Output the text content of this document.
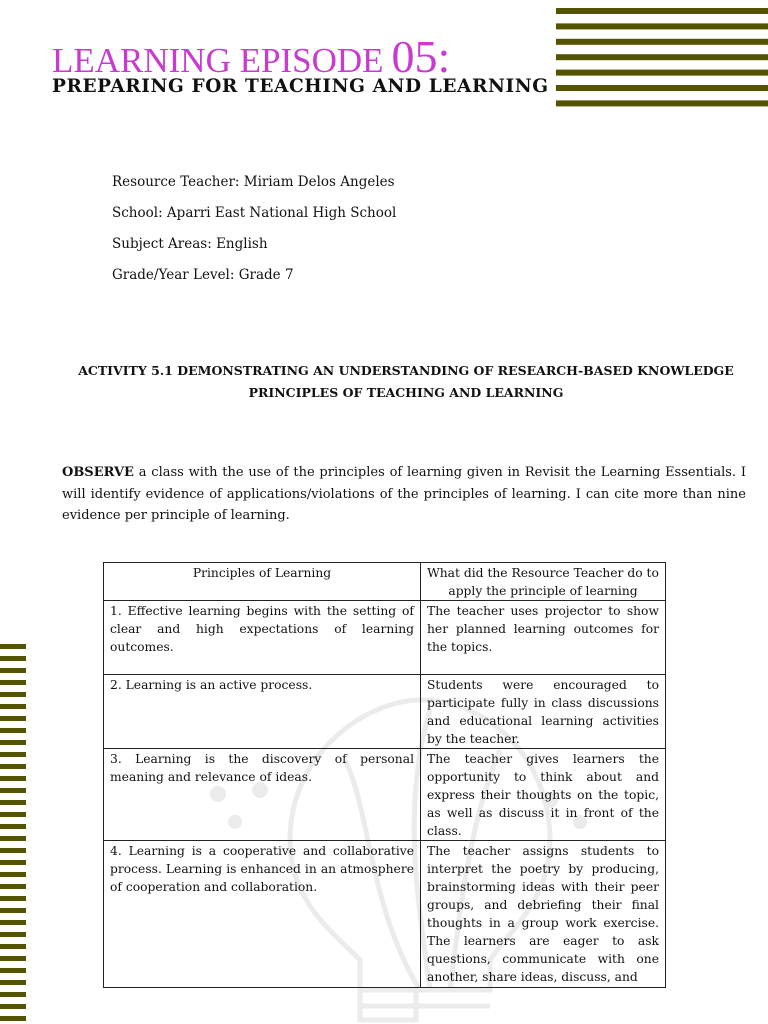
LEARNING EPISODE 05:
PREPARING FOR TEACHING AND LEARNING
Resource Teacher: Miriam Delos Angeles
School: Aparri East National High School
Subject Areas: English
Grade/Year Level: Grade 7
ACTIVITY 5.1 DEMONSTRATING AN UNDERSTANDING OF RESEARCH-BASED KNOWLEDGE
PRINCIPLES OF TEACHING AND LEARNING

OBSERVE a class with the use of the principles of learning given in Revisit the Learning Essentials. I will identify evidence of applications/violations of the principles of learning. I can cite more than nine evidence per principle of learning.

Principles of Learning	What did the Resource Teacher do to apply the principle of learning
1. Effective learning begins with the setting of clear and high expectations of learning outcomes.	The teacher uses projector to show her planned learning outcomes for the topics.
2. Learning is an active process.	Students were encouraged to participate fully in class discussions and educational learning activities by the teacher.
3. Learning is the discovery of personal meaning and relevance of ideas.	The teacher gives learners the opportunity to think about and express their thoughts on the topic, as well as discuss it in front of the class.
4. Learning is a cooperative and collaborative process. Learning is enhanced in an atmosphere of cooperation and collaboration.	The teacher assigns students to interpret the poetry by producing, brainstorming ideas with their peer groups, and debriefing their final thoughts in a group work exercise. The learners are eager to ask questions, communicate with one another, share ideas, discuss, and
